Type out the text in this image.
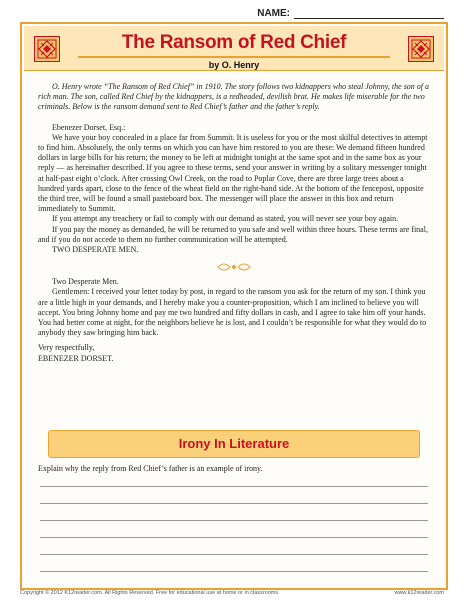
NAME:
The Ransom of Red Chief
by O. Henry

O. Henry wrote “The Ransom of Red Chief” in 1910. The story follows two kidnappers who steal Johnny, the son of a rich man. The son, called Red Chief by the kidnappers, is a redheaded, devilish brat. He makes life miserable for the two criminals. Below is the ransom demand sent to Red Chief’s father and the father’s reply.

Ebenezer Dorset, Esq.:

We have your boy concealed in a place far from Summit. It is useless for you or the most skilful detectives to attempt to find him. Absolutely, the only terms on which you can have him restored to you are these: We demand fifteen hundred dollars in large bills for his return; the money to be left at midnight tonight at the same spot and in the same box as your reply — as hereinafter described. If you agree to these terms, send your answer in writing by a solitary messenger tonight at half-past eight o’clock. After crossing Owl Creek, on the road to Poplar Cove, there are three large trees about a hundred yards apart, close to the fence of the wheat field on the right-hand side. At the bottom of the fencepost, opposite the third tree, will be found a small pasteboard box. The messenger will place the answer in this box and return immediately to Summit.

If you attempt any treachery or fail to comply with our demand as stated, you will never see your boy again.

If you pay the money as demanded, he will be returned to you safe and well within three hours. These terms are final, and if you do not accede to them no further communication will be attempted.

TWO DESPERATE MEN.

Two Desperate Men.

Gentlemen: I received your letter today by post, in regard to the ransom you ask for the return of my son. I think you are a little high in your demands, and I hereby make you a counter-proposition, which I am inclined to believe you will accept. You bring Johnny home and pay me two hundred and fifty dollars in cash, and I agree to take him off your hands. You had better come at night, for the neighbors believe he is lost, and I couldn’t be responsible for what they would do to anybody they saw bringing him back.

Very respectfully,

EBENEZER DORSET.

Irony In Literature
Explain why the reply from Red Chief’s father is an example of irony.
Copyright © 2012 K12reader.com. All Rights Reserved. Free for educational use at home or in classrooms.	www.k12reader.com
